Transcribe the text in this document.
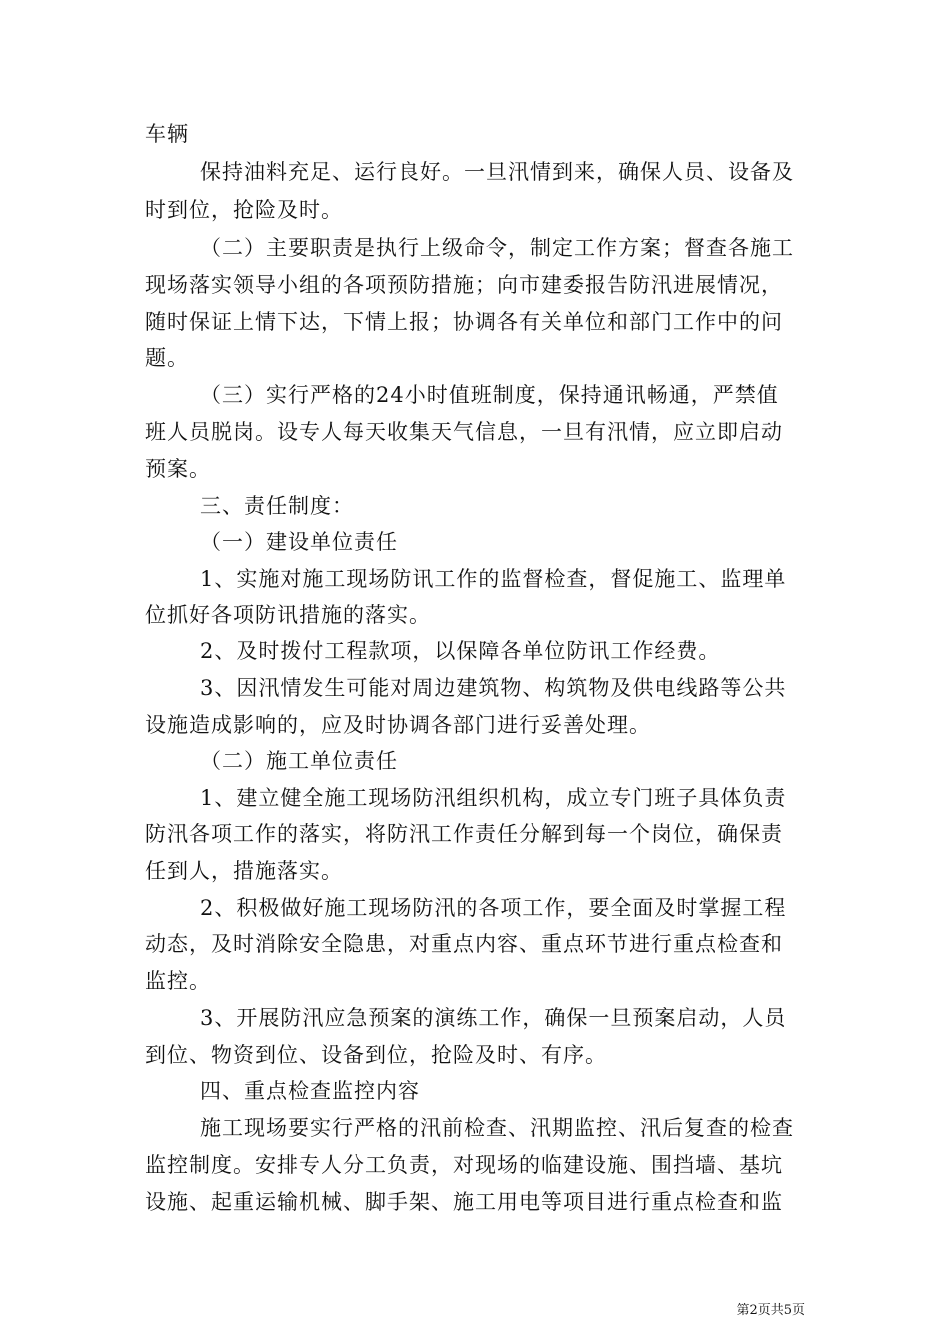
车辆
保持油料充足、运行良好。一旦汛情到来，确保人员、设备及
时到位，抢险及时。
（二）主要职责是执行上级命令，制定工作方案；督查各施工
现场落实领导小组的各项预防措施；向市建委报告防汛进展情况，
随时保证上情下达，下情上报；协调各有关单位和部门工作中的问
题。
（三）实行严格的24小时值班制度，保持通讯畅通，严禁值
班人员脱岗。设专人每天收集天气信息，一旦有汛情，应立即启动
预案。
三、责任制度：
（一）建设单位责任
1、实施对施工现场防讯工作的监督检查，督促施工、监理单
位抓好各项防讯措施的落实。
2、及时拨付工程款项，以保障各单位防讯工作经费。
3、因汛情发生可能对周边建筑物、构筑物及供电线路等公共
设施造成影响的，应及时协调各部门进行妥善处理。
（二）施工单位责任
1、建立健全施工现场防汛组织机构，成立专门班子具体负责
防汛各项工作的落实，将防汛工作责任分解到每一个岗位，确保责
任到人，措施落实。
2、积极做好施工现场防汛的各项工作，要全面及时掌握工程
动态，及时消除安全隐患，对重点内容、重点环节进行重点检查和
监控。
3、开展防汛应急预案的演练工作，确保一旦预案启动，人员
到位、物资到位、设备到位，抢险及时、有序。
四、重点检查监控内容
施工现场要实行严格的汛前检查、汛期监控、汛后复查的检查
监控制度。安排专人分工负责，对现场的临建设施、围挡墙、基坑
设施、起重运输机械、脚手架、施工用电等项目进行重点检查和监
第2页共5页
